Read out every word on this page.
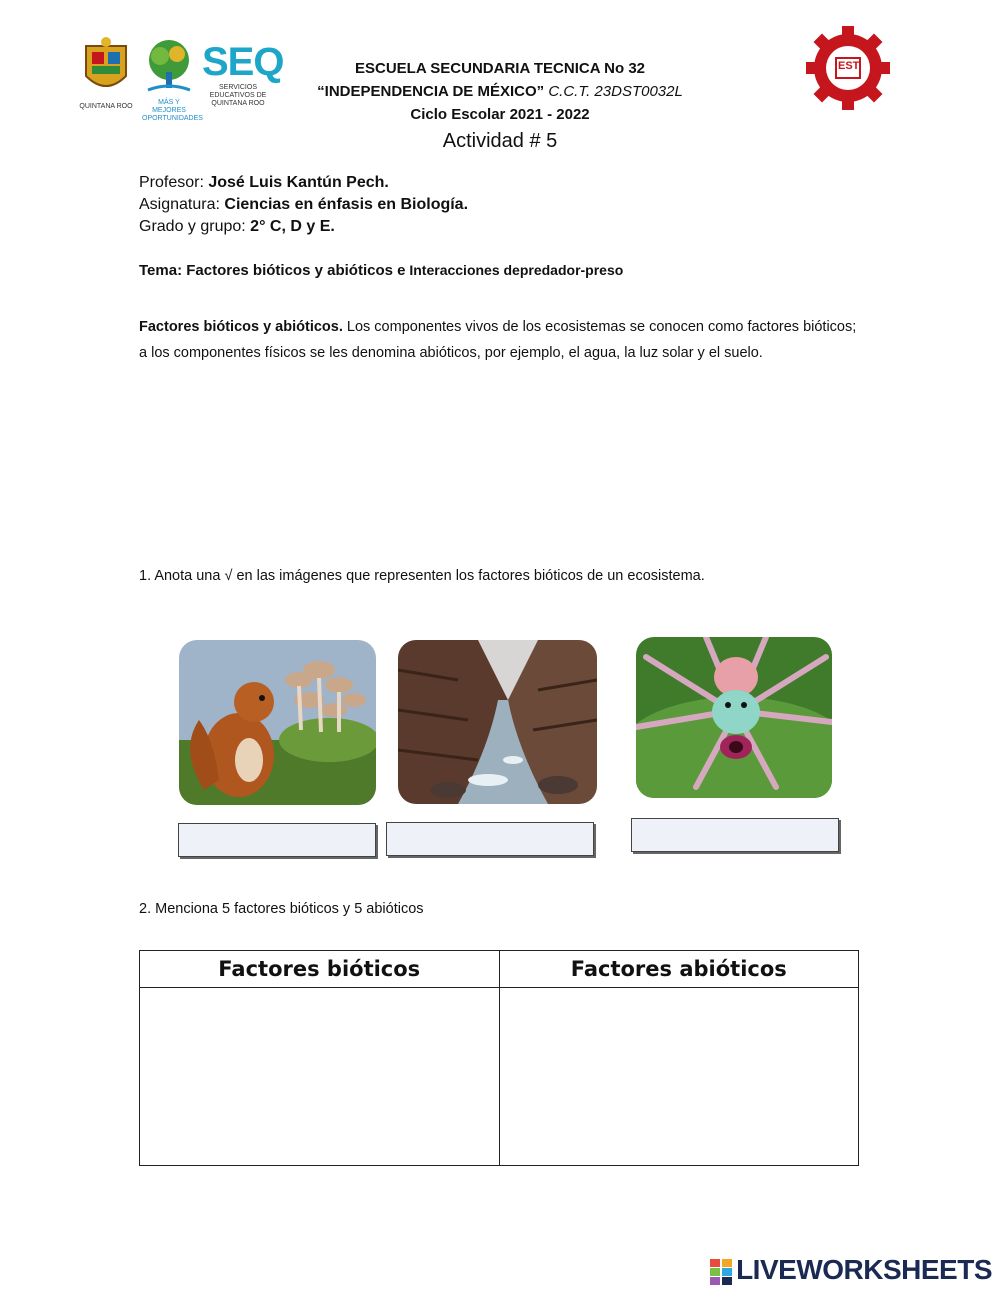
QUINTANA ROO
MÁS Y MEJORES OPORTUNIDADES
SEQ
SERVICIOS EDUCATIVOS DE QUINTANA ROO
EST
ESCUELA SECUNDARIA TECNICA No 32
“INDEPENDENCIA DE MÉXICO” C.C.T. 23DST0032L
Ciclo Escolar 2021 - 2022
Actividad # 5
Profesor: José Luis Kantún Pech.
Asignatura: Ciencias en énfasis en Biología.
Grado y grupo: 2° C, D y E.
Tema: Factores bióticos y abióticos e Interacciones depredador-preso
Factores bióticos y abióticos. Los componentes vivos de los ecosistemas se conocen como factores bióticos; a los componentes físicos se les denomina abióticos, por ejemplo, el agua, la luz solar y el suelo.
1. Anota una √ en las imágenes que representen los factores bióticos de un ecosistema.
2. Menciona 5 factores bióticos y 5 abióticos
Factores bióticos	Factores abióticos

LIVEWORKSHEETS
